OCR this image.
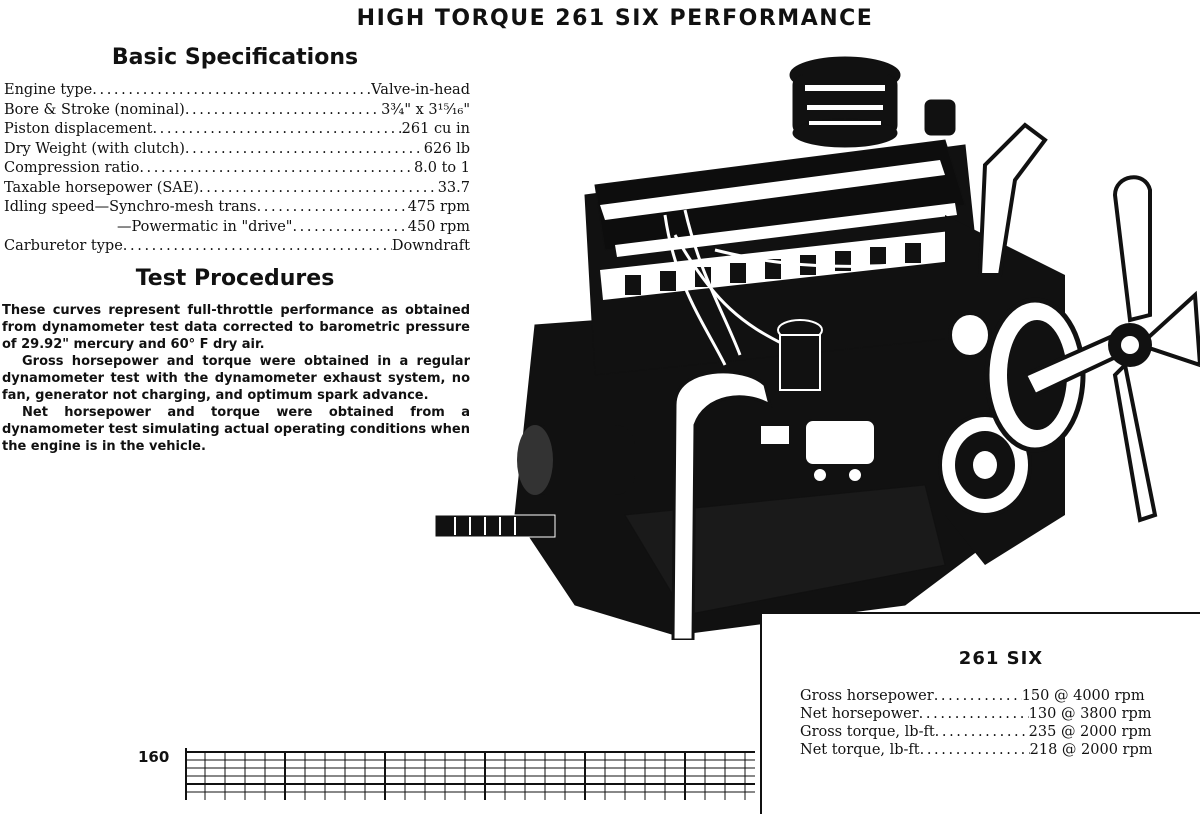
HIGH TORQUE 261 SIX PERFORMANCE
Basic Specifications
Engine type . . .	Valve-in-head
Bore & Stroke (nominal) . . .	3¾" x 3¹⁵⁄₁₆"
Piston displacement . . .	261 cu in
Dry Weight (with clutch) . . .	626 lb
Compression ratio . . .	8.0 to 1
Taxable horsepower (SAE) . . .	33.7
Idling speed—Synchro-mesh trans . . .	475 rpm
—Powermatic in "drive" . . .	450 rpm
Carburetor type . . .	Downdraft
Test Procedures

These curves represent full-throttle performance as obtained from dynamometer test data corrected to barometric pressure of 29.92" mercury and 60° F dry air.

Gross horsepower and torque were obtained in a regular dynamometer test with the dynamometer exhaust system, no fan, generator not charging, and optimum spark advance.

Net horsepower and torque were obtained from a dynamometer test simulating actual operating conditions when the engine is in the vehicle.

261 SIX
Gross horsepower . . .	150 @ 4000 rpm
Net horsepower . . .	130 @ 3800 rpm
Gross torque, lb-ft . . .	235 @ 2000 rpm
Net torque, lb-ft . . .	218 @ 2000 rpm
160
